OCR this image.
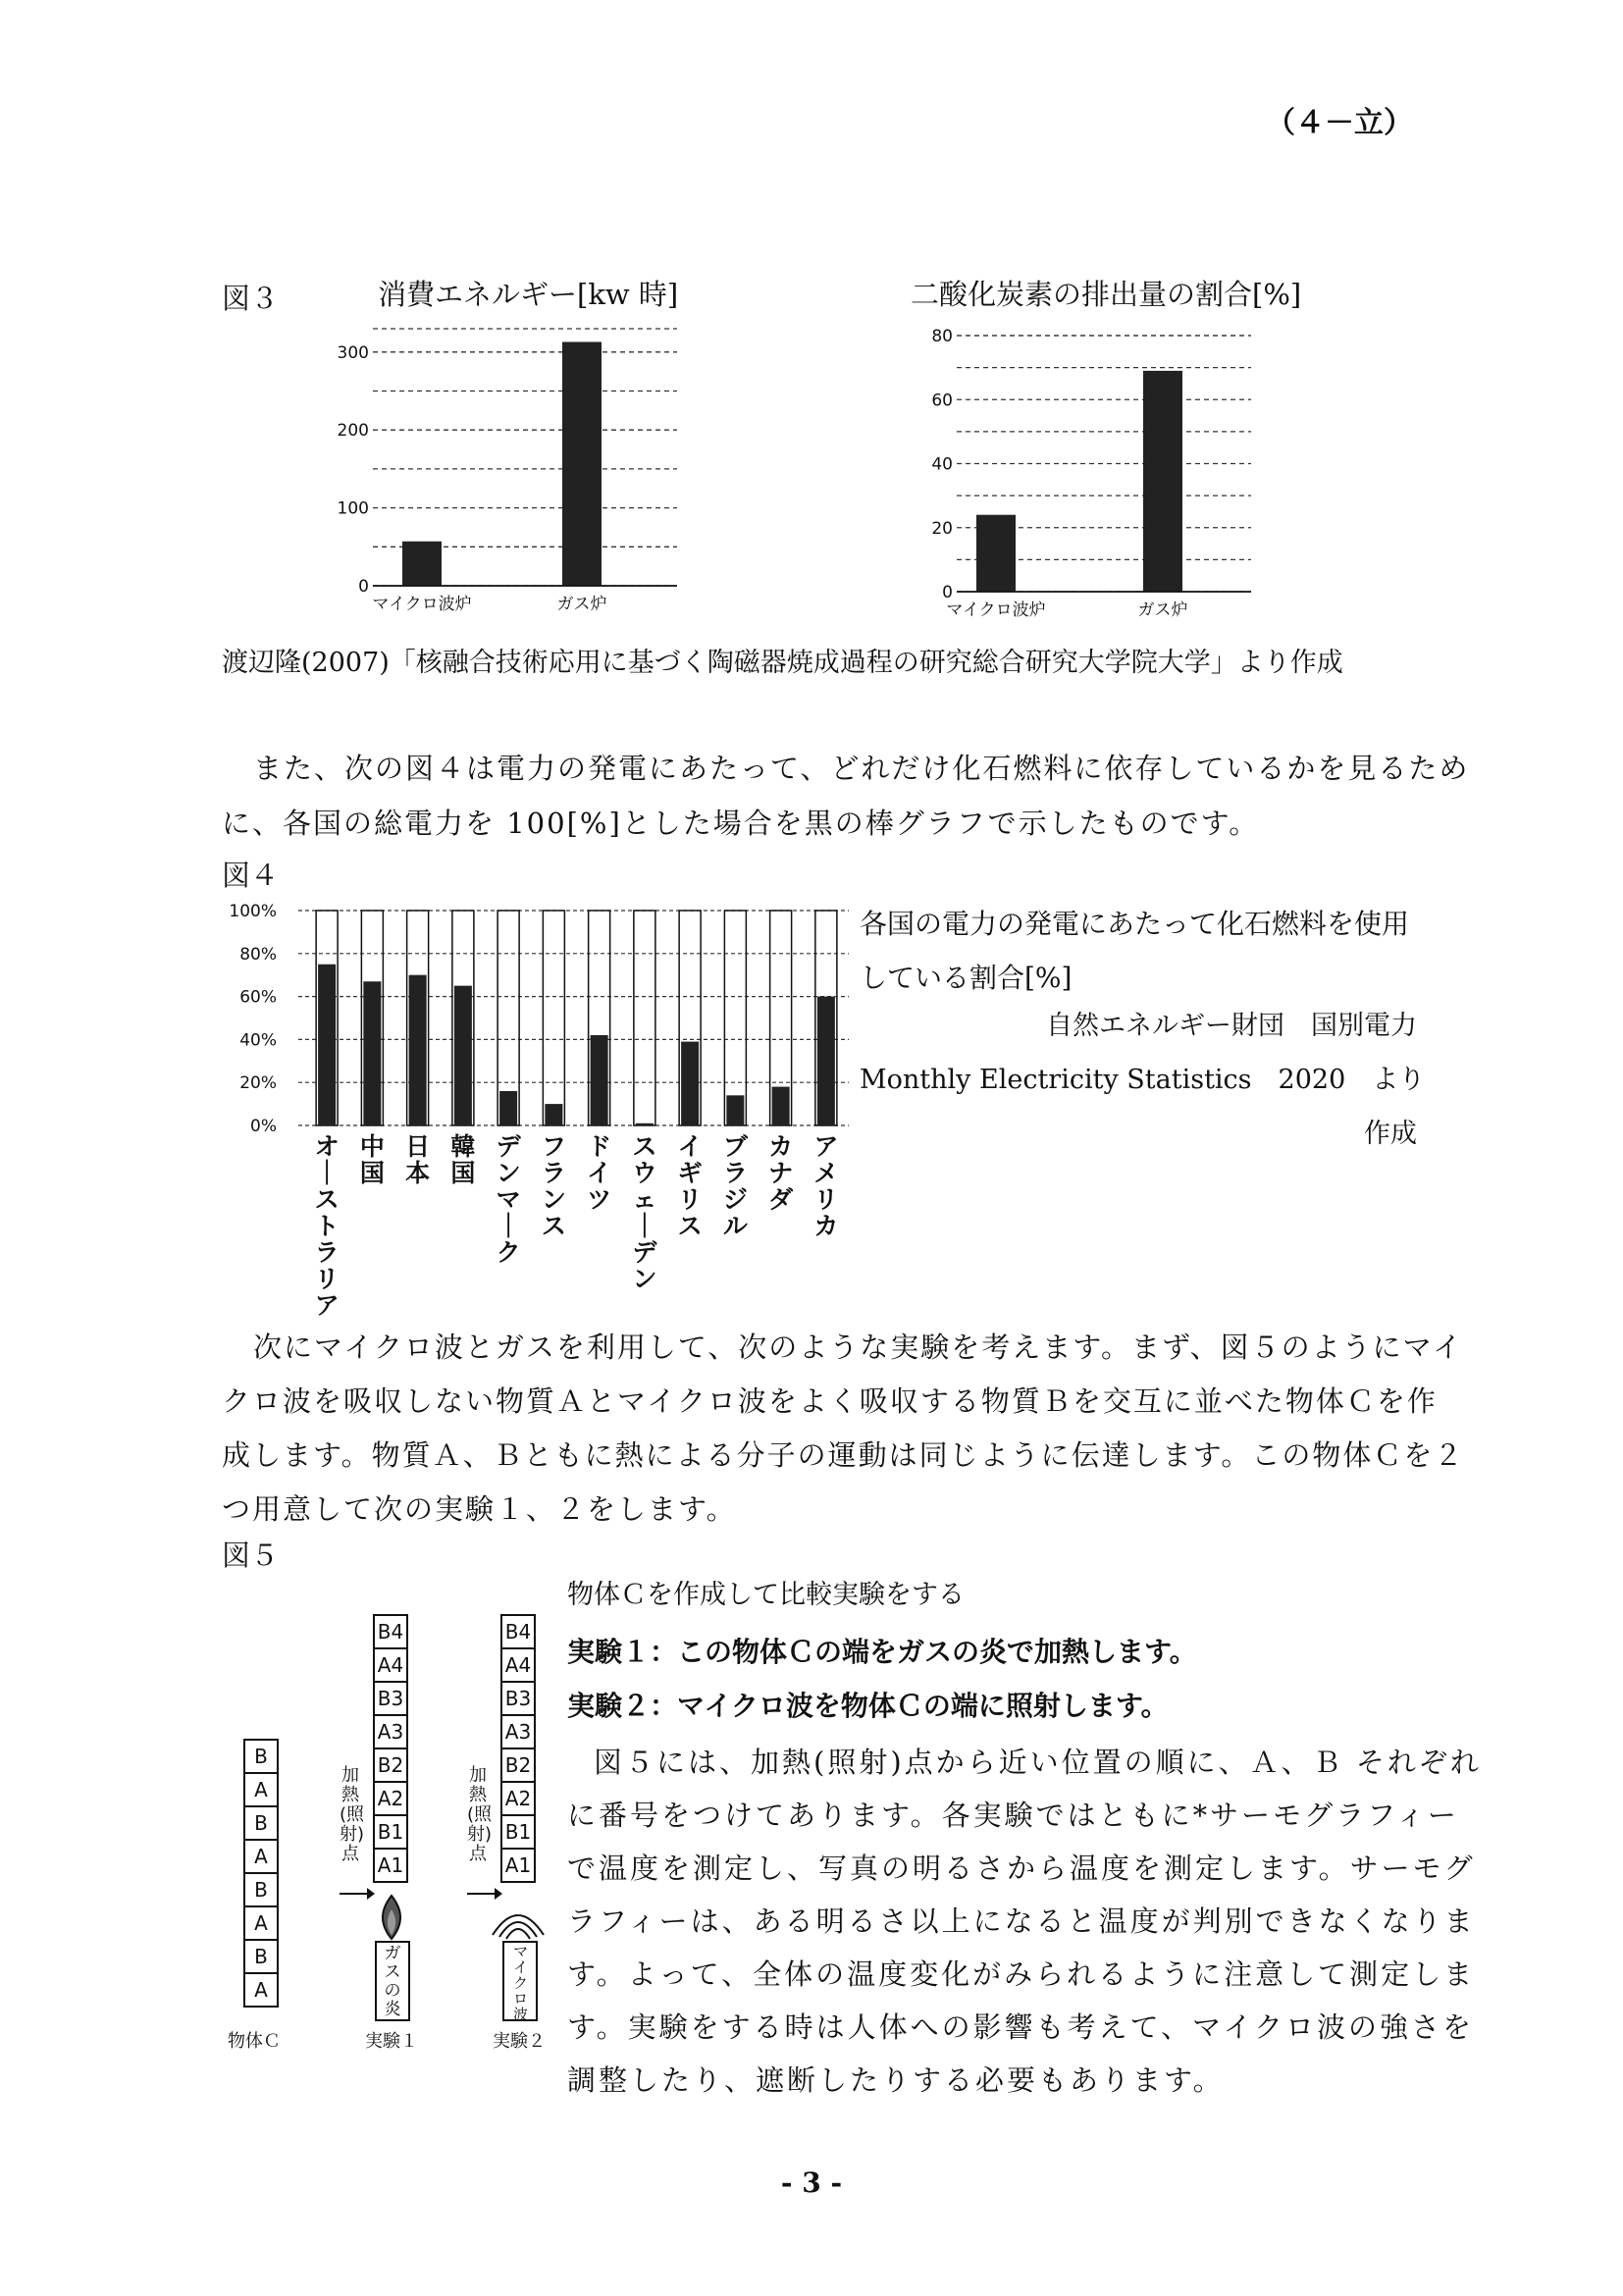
（４－立）
図３	消費エネルギー[kw 時]	二酸化炭素の排出量の割合[%]
0
100
200
300
マイクロ波炉	ガス炉
0
20
40
60
80
マイクロ波炉	ガス炉
渡辺隆(2007)「核融合技術応用に基づく陶磁器焼成過程の研究総合研究大学院大学」より作成
また、次の図４は電力の発電にあたって、どれだけ化石燃料に依存しているかを見るため
に、各国の総電力を 100[%]とした場合を黒の棒グラフで示したものです。
図４
0%
20%
40%
60%
80%
100%
オ｜ストラリア
中国
日本
韓国
デンマ｜ク
フランス
ドイツ
スウェ｜デン
イギリス
ブラジル
カナダ
アメリカ
各国の電力の発電にあたって化石燃料を使用
している割合[%]
自然エネルギー財団　国別電力
Monthly Electricity Statistics　2020　より
作成
次にマイクロ波とガスを利用して、次のような実験を考えます。まず、図５のようにマイ
クロ波を吸収しない物質Ａとマイクロ波をよく吸収する物質Ｂを交互に並べた物体Ｃを作
成します。物質Ａ、Ｂともに熱による分子の運動は同じように伝達します。この物体Ｃを２
つ用意して次の実験１、２をします。
図５
B
A
B
A
B
A
B
A
物体Ｃ
B4
A4
B3
A3
B2
A2
B1
A1
加熱(照射)点
ガスの炎
実験１
B4
A4
B3
A3
B2
A2
B1
A1
加熱(照射)点
マイクロ波
実験２
物体Ｃを作成して比較実験をする
実験１：この物体Ｃの端をガスの炎で加熱します。
実験２：マイクロ波を物体Ｃの端に照射します。
図５には、加熱(照射)点から近い位置の順に、Ａ、Ｂ それぞれ
に番号をつけてあります。各実験ではともに*サーモグラフィー
で温度を測定し、写真の明るさから温度を測定します。サーモグ
ラフィーは、ある明るさ以上になると温度が判別できなくなりま
す。よって、全体の温度変化がみられるように注意して測定しま
す。実験をする時は人体への影響も考えて、マイクロ波の強さを
調整したり、遮断したりする必要もあります。
- 3 -
